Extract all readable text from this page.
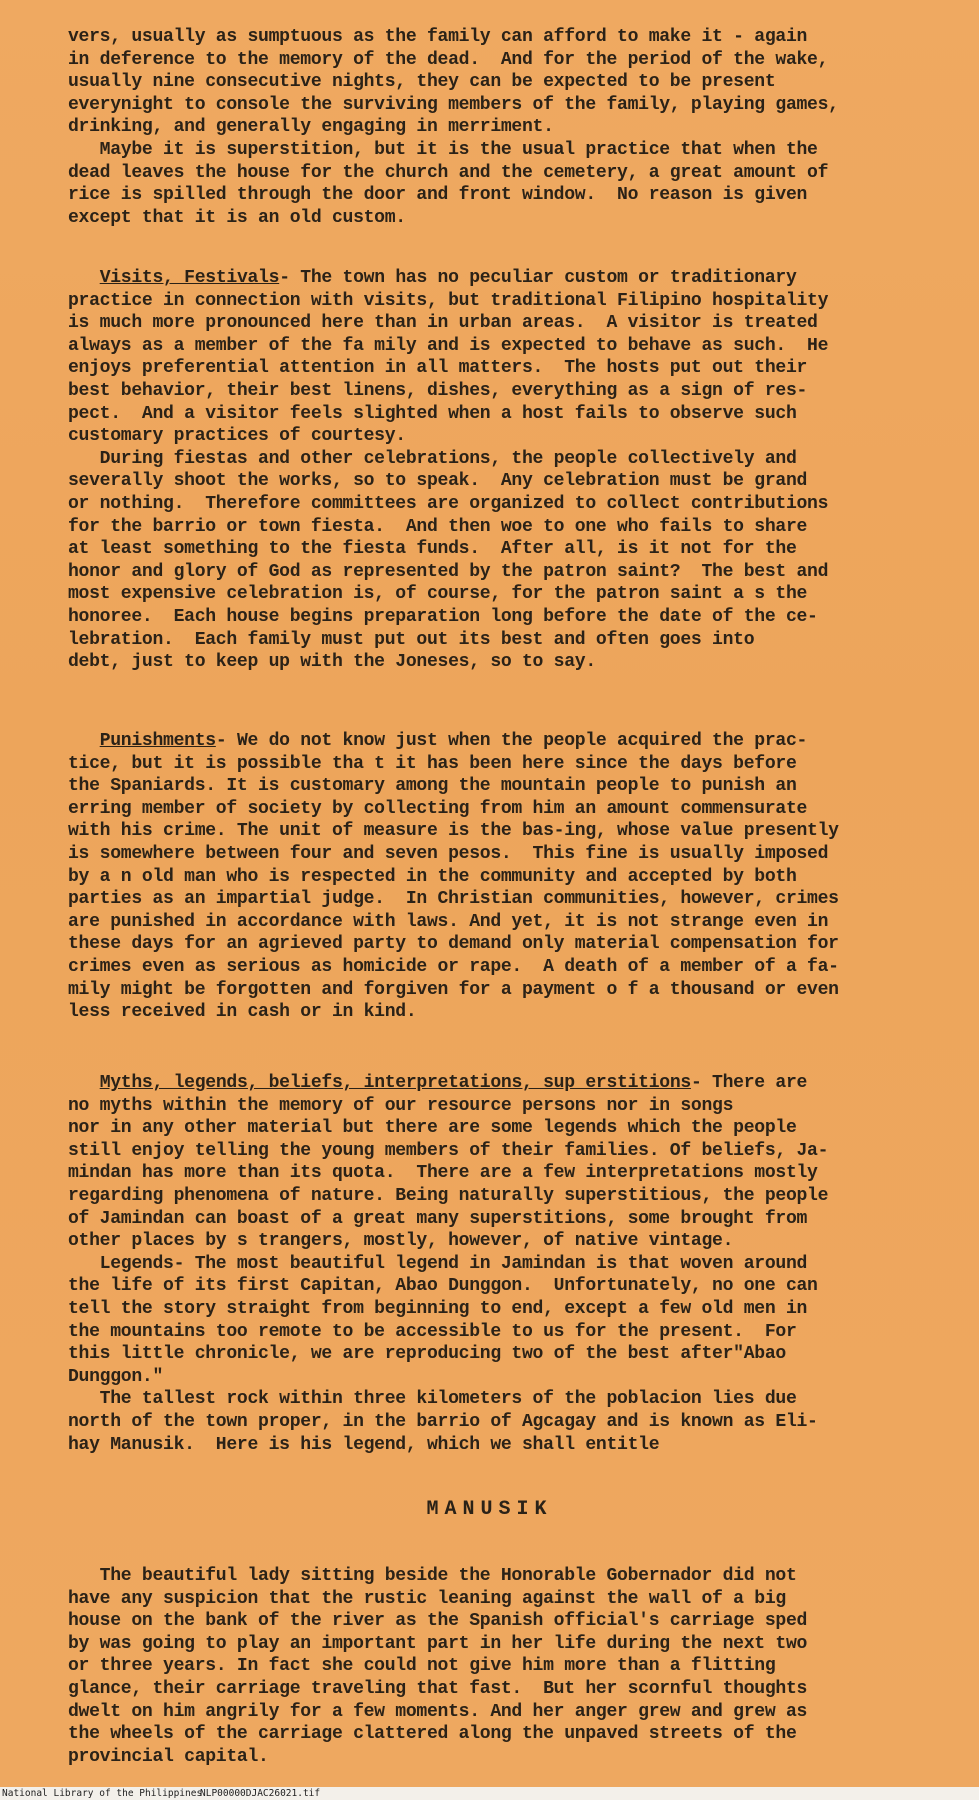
vers, usually as sumptuous as the family can afford to make it - again
in deference to the memory of the dead.  And for the period of the wake,
usually nine consecutive nights, they can be expected to be present
everynight to console the surviving members of the family, playing games,
drinking, and generally engaging in merriment.
Maybe it is superstition, but it is the usual practice that when the
dead leaves the house for the church and the cemetery, a great amount of
rice is spilled through the door and front window.  No reason is given
except that it is an old custom.
Visits, Festivals- The town has no peculiar custom or traditionary
practice in connection with visits, but traditional Filipino hospitality
is much more pronounced here than in urban areas.  A visitor is treated
always as a member of the fa mily and is expected to behave as such.  He
enjoys preferential attention in all matters.  The hosts put out their
best behavior, their best linens, dishes, everything as a sign of res-
pect.  And a visitor feels slighted when a host fails to observe such
customary practices of courtesy.
During fiestas and other celebrations, the people collectively and
severally shoot the works, so to speak.  Any celebration must be grand
or nothing.  Therefore committees are organized to collect contributions
for the barrio or town fiesta.  And then woe to one who fails to share
at least something to the fiesta funds.  After all, is it not for the
honor and glory of God as represented by the patron saint?  The best and
most expensive celebration is, of course, for the patron saint a s the
honoree.  Each house begins preparation long before the date of the ce-
lebration.  Each family must put out its best and often goes into
debt, just to keep up with the Joneses, so to say.
Punishments- We do not know just when the people acquired the prac-
tice, but it is possible tha t it has been here since the days before
the Spaniards. It is customary among the mountain people to punish an
erring member of society by collecting from him an amount commensurate
with his crime. The unit of measure is the bas-ing, whose value presently
is somewhere between four and seven pesos.  This fine is usually imposed
by a n old man who is respected in the community and accepted by both
parties as an impartial judge.  In Christian communities, however, crimes
are punished in accordance with laws. And yet, it is not strange even in
these days for an agrieved party to demand only material compensation for
crimes even as serious as homicide or rape.  A death of a member of a fa-
mily might be forgotten and forgiven for a payment o f a thousand or even
less received in cash or in kind.
Myths, legends, beliefs, interpretations, sup erstitions- There are
no myths within the memory of our resource persons nor in songs
nor in any other material but there are some legends which the people
still enjoy telling the young members of their families. Of beliefs, Ja-
mindan has more than its quota.  There are a few interpretations mostly
regarding phenomena of nature. Being naturally superstitious, the people
of Jamindan can boast of a great many superstitions, some brought from
other places by s trangers, mostly, however, of native vintage.
Legends- The most beautiful legend in Jamindan is that woven around
the life of its first Capitan, Abao Dunggon.  Unfortunately, no one can
tell the story straight from beginning to end, except a few old men in
the mountains too remote to be accessible to us for the present.  For
this little chronicle, we are reproducing two of the best after"Abao
Dunggon."
The tallest rock within three kilometers of the poblacion lies due
north of the town proper, in the barrio of Agcagay and is known as Eli-
hay Manusik.  Here is his legend, which we shall entitle
MANUSIK
The beautiful lady sitting beside the Honorable Gobernador did not
have any suspicion that the rustic leaning against the wall of a big
house on the bank of the river as the Spanish official's carriage sped
by was going to play an important part in her life during the next two
or three years. In fact she could not give him more than a flitting
glance, their carriage traveling that fast.  But her scornful thoughts
dwelt on him angrily for a few moments. And her anger grew and grew as
the wheels of the carriage clattered along the unpaved streets of the
provincial capital.
National Library of the Philippines
NLP00000DJAC26021.tif
